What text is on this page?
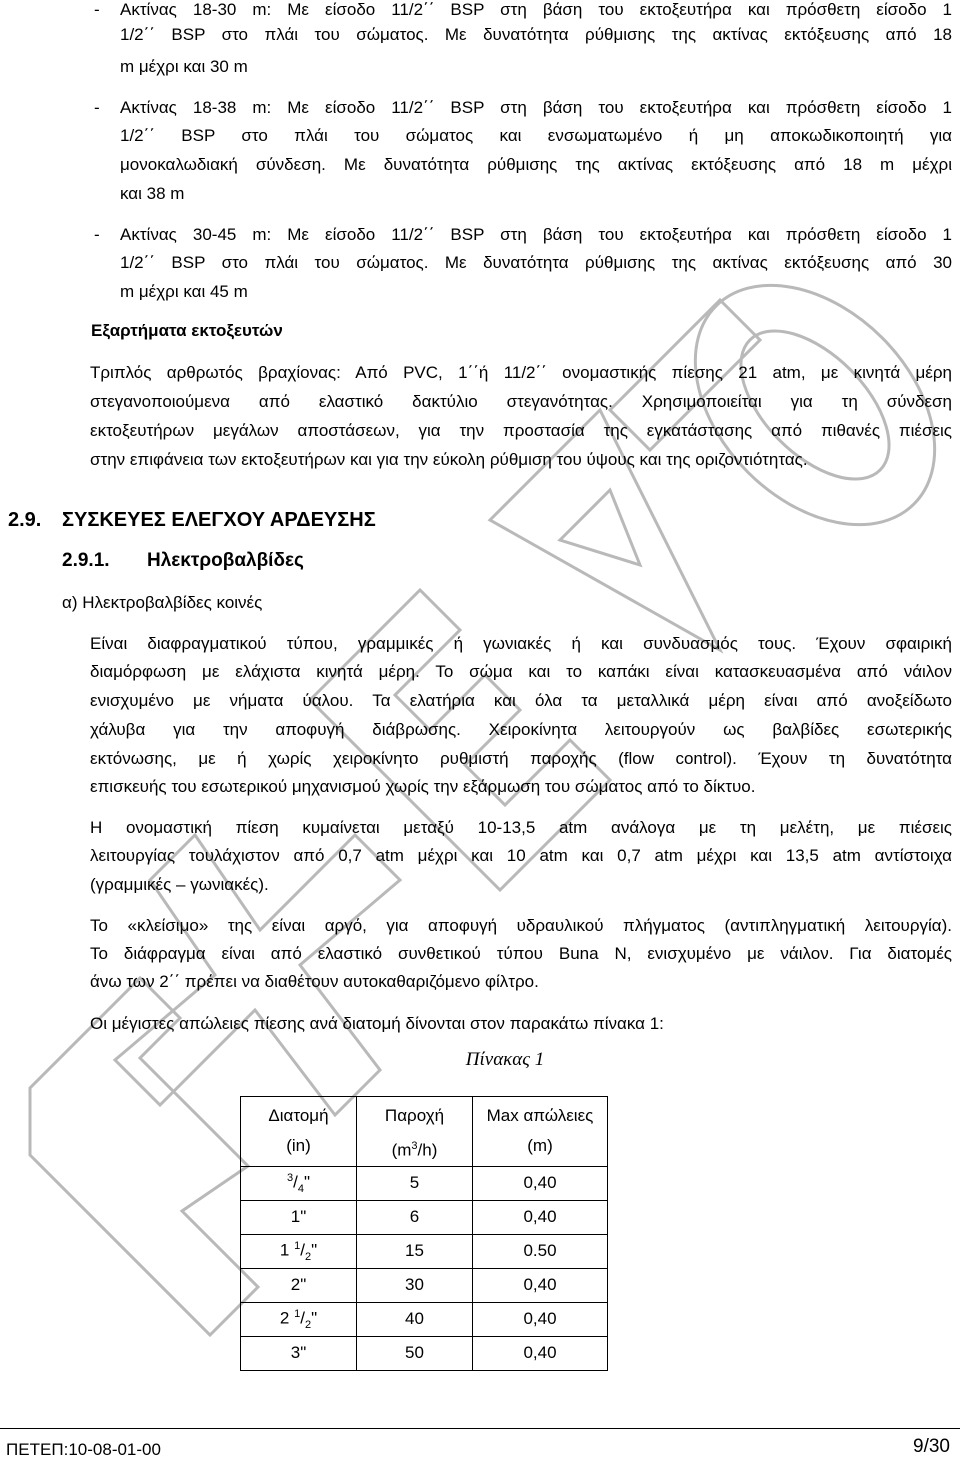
-	Ακτίνας 18-30 m: Με είσοδο 11/2΄΄ BSP στη βάση του εκτοξευτήρα και πρόσθετη είσοδο 1
1/2΄΄ BSP στο πλάι του σώματος. Με δυνατότητα ρύθμισης της ακτίνας εκτόξευσης από 18
m μέχρι και 30 m
-	Ακτίνας 18-38 m: Με είσοδο 11/2΄΄ BSP στη βάση του εκτοξευτήρα και πρόσθετη είσοδο 1
1/2΄΄ BSP στο πλάι του σώματος και ενσωματωμένο ή μη αποκωδικοποιητή για
μονοκαλωδιακή σύνδεση. Με δυνατότητα ρύθμισης της ακτίνας εκτόξευσης από 18 m μέχρι
και 38 m
-	Ακτίνας 30-45 m: Με είσοδο 11/2΄΄ BSP στη βάση του εκτοξευτήρα και πρόσθετη είσοδο 1
1/2΄΄ BSP στο πλάι του σώματος. Με δυνατότητα ρύθμισης της ακτίνας εκτόξευσης από 30
m μέχρι και 45 m
Εξαρτήματα εκτοξευτών
Τριπλός αρθρωτός βραχίονας: Από PVC, 1΄΄ή 11/2΄΄ ονομαστικής πίεσης 21 atm, με κινητά μέρη
στεγανοποιούμενα από ελαστικό δακτύλιο στεγανότητας. Χρησιμοποιείται για τη σύνδεση
εκτοξευτήρων μεγάλων αποστάσεων, για την προστασία της εγκατάστασης από πιθανές πιέσεις
στην επιφάνεια των εκτοξευτήρων και για την εύκολη ρύθμιση του ύψους και της οριζοντιότητας.
2.9. ΣΥΣΚΕΥΕΣ ΕΛΕΓΧΟΥ ΑΡΔΕΥΣΗΣ
2.9.1. Ηλεκτροβαλβίδες
α) Ηλεκτροβαλβίδες κοινές
Είναι διαφραγματικού τύπου, γραμμικές ή γωνιακές ή και συνδυασμός τους. Έχουν σφαιρική
διαμόρφωση με ελάχιστα κινητά μέρη. Το σώμα και το καπάκι είναι κατασκευασμένα από νάιλον
ενισχυμένο με νήματα ύαλου. Τα ελατήρια και όλα τα μεταλλικά μέρη είναι από ανοξείδωτο
χάλυβα για την αποφυγή διάβρωσης. Χειροκίνητα λειτουργούν ως βαλβίδες εσωτερικής
εκτόνωσης, με ή χωρίς χειροκίνητο ρυθμιστή παροχής (flow control). Έχουν τη δυνατότητα
επισκευής του εσωτερικού μηχανισμού χωρίς την εξάρμωση του σώματος από το δίκτυο.
Η ονομαστική πίεση κυμαίνεται μεταξύ 10-13,5 atm ανάλογα με τη μελέτη, με πιέσεις
λειτουργίας τουλάχιστον από 0,7 atm μέχρι και 10 atm και 0,7 atm μέχρι και 13,5 atm αντίστοιχα
(γραμμικές – γωνιακές).
Το «κλείσιμο» της είναι αργό, για αποφυγή υδραυλικού πλήγματος (αντιπληγματική λειτουργία).
Το διάφραγμα είναι από ελαστικό συνθετικού τύπου Buna N, ενισχυμένο με νάιλον. Για διατομές
άνω των 2΄΄ πρέπει να διαθέτουν αυτοκαθαριζόμενο φίλτρο.
Οι μέγιστες απώλειες πίεσης ανά διατομή δίνονται στον παρακάτω πίνακα 1:
Πίνακας 1
Διατομή
(in)	Παροχή
$(m^3/h)$	Max απώλειες
(m)
$^3/_4$"	5	0,40
1"	6	0,40
1 $^1/_2$"	15	0.50
2"	30	0,40
2 $^1/_2$"	40	0,40
3"	50	0,40
ΠΕΤΕΠ:10-08-01-00	9/30
